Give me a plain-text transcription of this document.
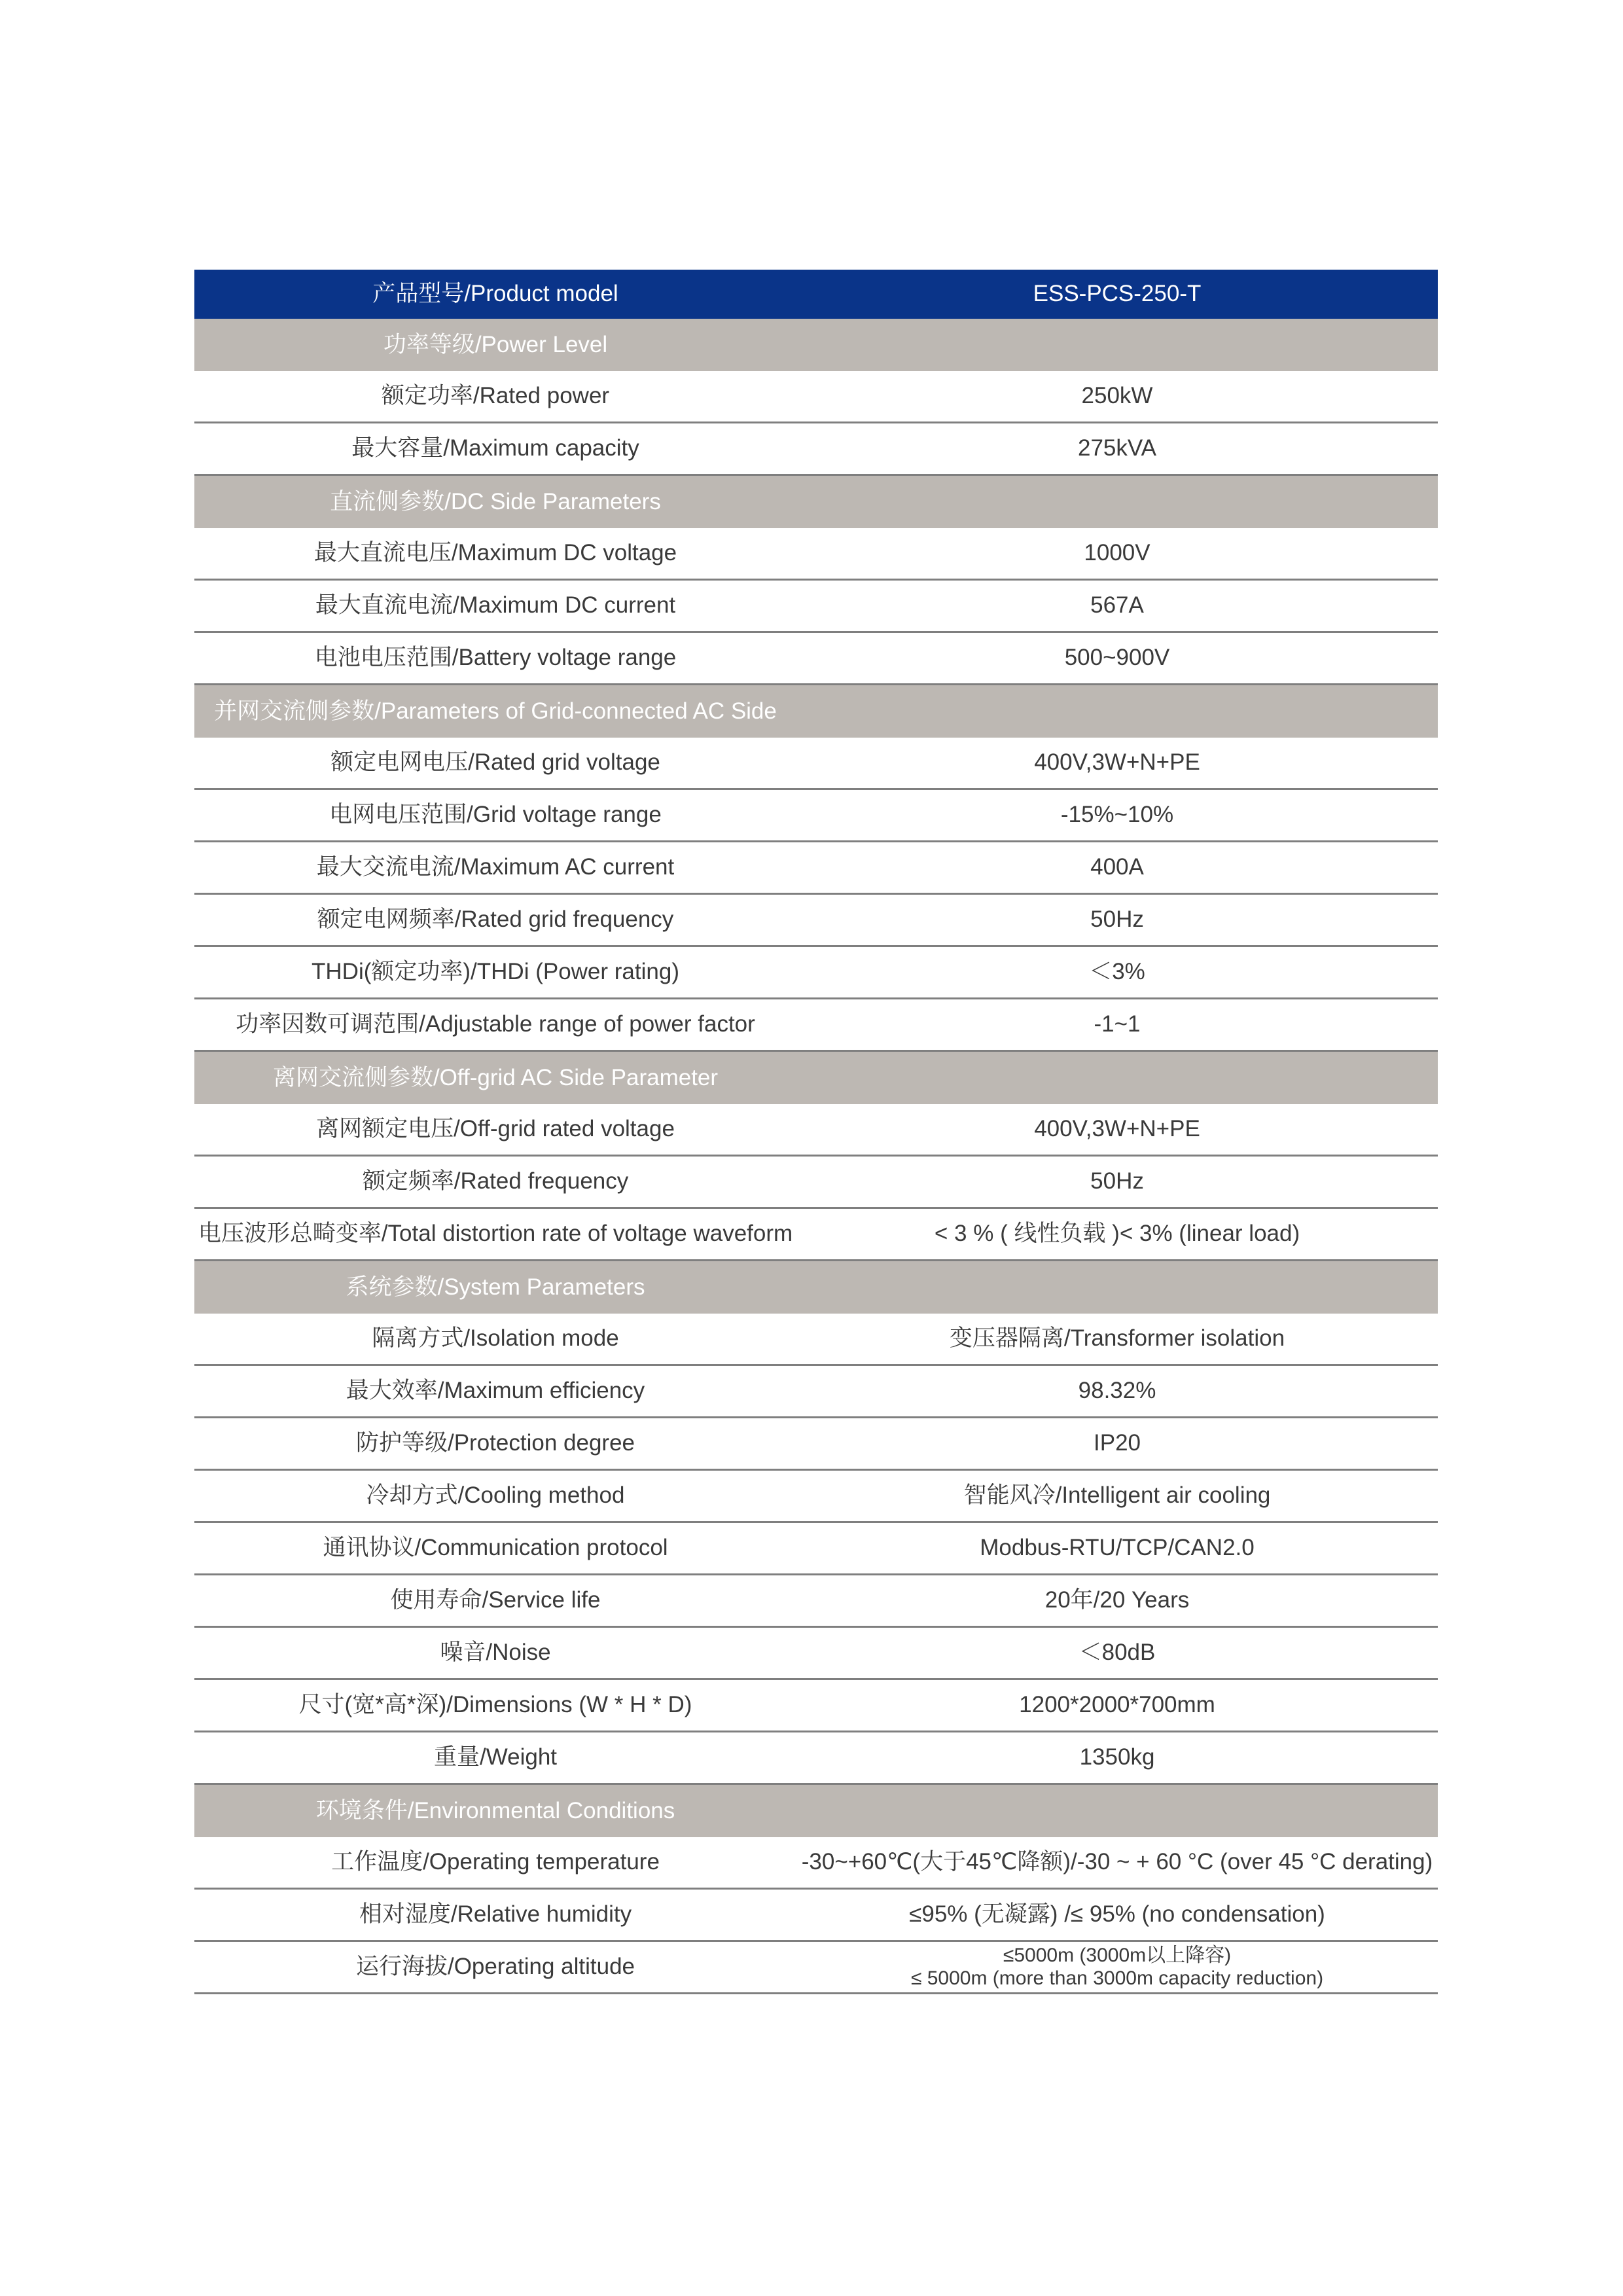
产品型号/Product model	ESS-PCS-250-T
功率等级/Power Level
额定功率/Rated power	250kW
最大容量/Maximum capacity	275kVA
直流侧参数/DC Side Parameters
最大直流电压/Maximum DC voltage	1000V
最大直流电流/Maximum DC current	567A
电池电压范围/Battery voltage range	500~900V
并网交流侧参数/Parameters of Grid-connected AC Side
额定电网电压/Rated grid voltage	400V,3W+N+PE
电网电压范围/Grid voltage range	-15%~10%
最大交流电流/Maximum AC current	400A
额定电网频率/Rated grid frequency	50Hz
THDi(额定功率)/THDi (Power rating)	＜3%
功率因数可调范围/Adjustable range of power factor	-1~1
离网交流侧参数/Off-grid AC Side Parameter
离网额定电压/Off-grid rated voltage	400V,3W+N+PE
额定频率/Rated frequency	50Hz
电压波形总畸变率/Total distortion rate of voltage waveform	< 3 % ( 线性负载 )< 3% (linear load)
系统参数/System Parameters
隔离方式/Isolation mode	变压器隔离/Transformer isolation
最大效率/Maximum efficiency	98.32%
防护等级/Protection degree	IP20
冷却方式/Cooling method	智能风冷/Intelligent air cooling
通讯协议/Communication protocol	Modbus-RTU/TCP/CAN2.0
使用寿命/Service life	20年/20 Years
噪音/Noise	＜80dB
尺寸(宽*高*深)/Dimensions (W * H * D)	1200*2000*700mm
重量/Weight	1350kg
环境条件/Environmental Conditions
工作温度/Operating temperature	-30~+60℃(大于45℃降额)/-30 ~ + 60 °C (over 45 °C derating)
相对湿度/Relative humidity	≤95% (无凝露) /≤ 95% (no condensation)
运行海拔/Operating altitude	≤5000m (3000m以上降容)
≤ 5000m (more than 3000m capacity reduction)
